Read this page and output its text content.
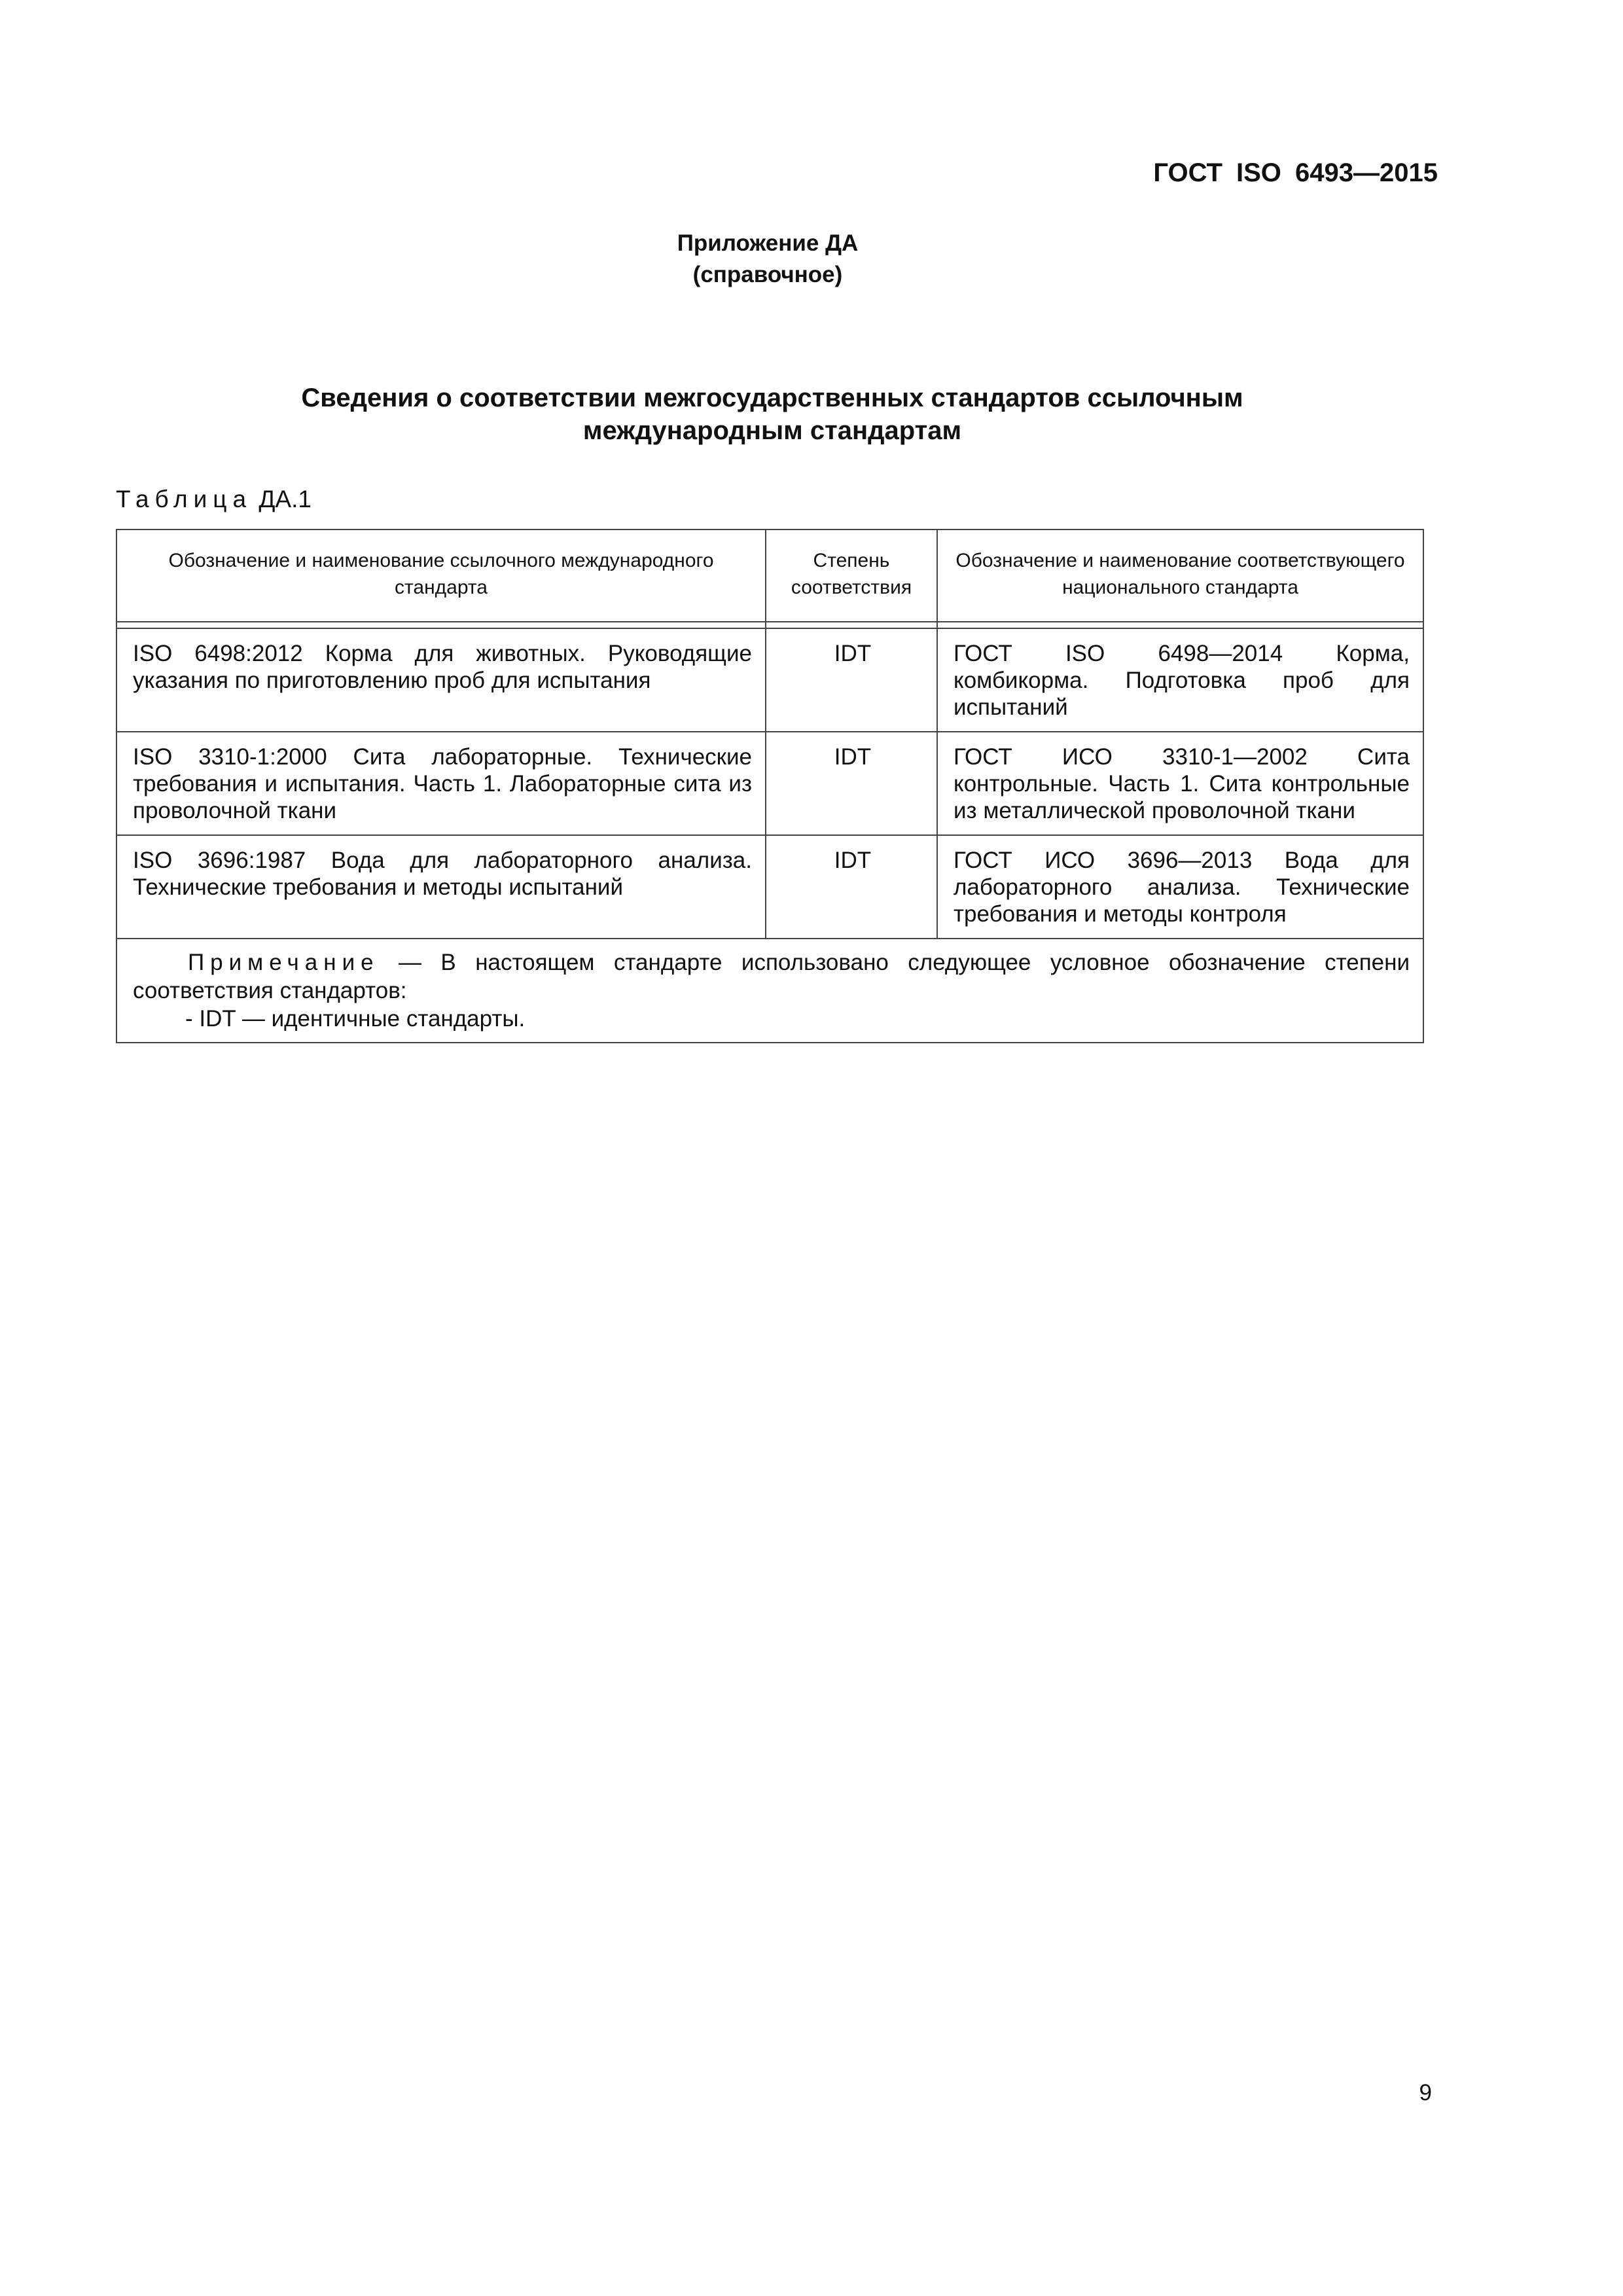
ГОСТ ISO 6493—2015
Приложение ДА
(справочное)
Сведения о соответствии межгосударственных стандартов ссылочным
международным стандартам
Таблица ДА.1
Обозначение и наименование ссылочного международного стандарта	Степень соответствия	Обозначение и наименование соответствующего национального стандарта

ISO 6498:2012 Корма для животных. Руководящие указания по приготовлению проб для испытания	IDT	ГОСТ ISO 6498—2014 Корма, комбикорма. Подготовка проб для испытаний
ISO 3310-1:2000 Сита лабораторные. Технические требования и испытания. Часть 1. Лабораторные сита из проволочной ткани	IDT	ГОСТ ИСО 3310-1—2002 Сита контрольные. Часть 1. Сита контрольные из металлической проволочной ткани
ISO 3696:1987 Вода для лабораторного анализа. Технические требования и методы испытаний	IDT	ГОСТ ИСО 3696—2013 Вода для лабораторного анализа. Технические требования и методы контроля

Примечание — В настоящем стандарте использовано следующее условное обозначение степени соответствия стандартов:
- IDT — идентичные стандарты.		
9
